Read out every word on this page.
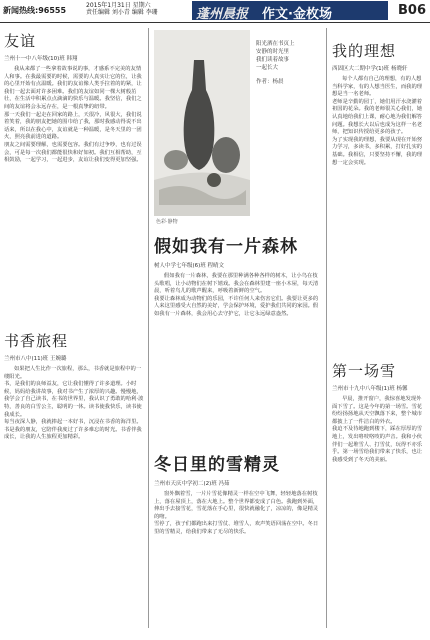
新闻热线:96555
2015年1月31日 星期六
责任编辑 刘小青 编辑 李珊	蓬州晨报 作文·金枚场	B06
友谊
兰州十一中八年级(10)班 韩翔

我从来都了一些拿着故事说的事，才感系不完美的友情人和事。在我最需要的时候，需要的人真实让它的位，让我的心里开始有点温暖。我们的友谊像人类手拉着的的紧，让我们一起去面对许多困难。我们的友谊如同一棵大树般茁壮，在生活中积累点点滴滴的快乐与温暖。我坚信，我们之间的友谊将会永远存在，是一根真挚的纽带。
那一天我们一起走在回家的路上，天很冷，风很大，我们说着笑着，我的朋友把她的围巾给了我，那时我感动得说不出话来，所以在我心中，友谊就是一种温暖，是冬天里的一团火，照亮我前进的道路。
朋友之间需要理解，也需要包容。我们有过争吵，也有过误会，可是每一次我们都能很快和好如初。我们互相帮助，互相鼓励，一起学习，一起进步，友谊让我们变得更加坚强。

书香旅程
兰州市八中(11)班 王婉璐

如果把人生比作一次旅程，那么，书香就是旅程中的一缕阳光。
书，是我们的良师益友，它让我们懂得了许多道理。小时候，妈妈给我讲故事，我对书产生了浓厚的兴趣。慢慢地，我学会了自己读书，在书的世界里，我认识了勇敢的哈利·波特，善良的白雪公主，聪明的一休。读书使我快乐，读书使我成长。
每当夜深人静，我就捧起一本好书，沉浸在书香的海洋里。书是我的朋友，它陪伴我度过了许多难忘的时光。书香伴我成长，让我的人生旅程更加精彩。

色彩·静物
阳光洒在书页上
安静的时光里
我们读着故事
一起长大
作者：杨晨
假如我有一片森林
树人中学七年级(6)班 程晴文

假如我有一片森林，我要在那里种满各种各样的树木，让小鸟在枝头歌唱，让小动物们在树下嬉戏。我会在森林里建一座小木屋，每天清晨，听着鸟儿的歌声醒来，呼吸着新鲜的空气。
我要让森林成为动物们的乐园，不许任何人来伤害它们。我要让更多的人来这里感受大自然的美好，学会保护环境，爱护我们共同的家园。假如我有一片森林，我会用心去守护它，让它永远绿意盎然。

冬日里的雪精灵
兰州市天庆中学初二(2)班 冯茹

窗外飘着雪，一片片雪花像精灵一样在空中飞舞，轻轻地落在树枝上，落在屋顶上，落在大地上。整个世界都变成了白色。我跑到外面，伸出手去接雪花，雪花落在手心里，很快就融化了，凉凉的，像是精灵的吻。
雪停了，孩子们都跑出来打雪仗、堆雪人，欢声笑语回荡在空中。冬日里的雪精灵，给我们带来了无尽的快乐。

我的理想
西固区大二期中学(1)班 杨晓轩

每个人都有自己的理想，有的人想当科学家，有的人想当医生，而我的理想是当一名老师。
老师是辛勤的园丁，她们用汗水浇灌着祖国的花朵。我的老师很关心我们，她认真地给我们上课，耐心地为我们解答问题。我想长大以后也成为这样一名老师，把知识传授给更多的孩子。
为了实现我的理想，我要从现在开始努力学习，多读书，多积累，打好扎实的基础。我相信，只要坚持不懈，我的理想一定会实现。

第一场雪
兰州市十九中八年级(1)班 杨馨

早晨，推开窗户，我惊喜地发现外面下雪了。这是今年的第一场雪。雪花纷纷扬扬地从天空飘落下来，整个城市都披上了一件洁白的外衣。
我迫不及待地跑到楼下，踩在厚厚的雪地上，发出咯吱咯吱的声音。我和小伙伴们一起堆雪人、打雪仗，玩得不亦乐乎。第一场雪给我们带来了快乐，也让我感受到了冬天的美丽。
